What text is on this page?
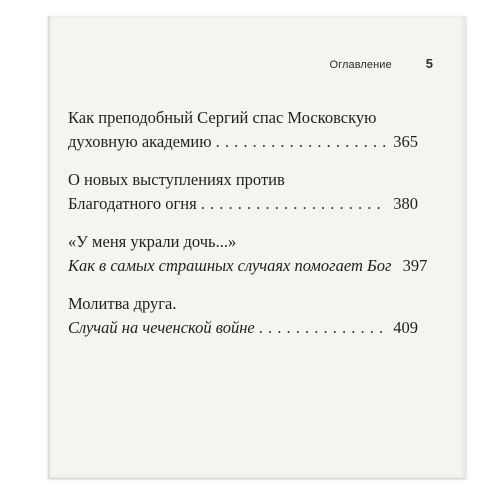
Оглавление	5
Как преподобный Сергий спас Московскую
духовную академию . . .	365
О новых выступлениях против
Благодатного огня . . .	380
«У меня украли дочь...»
Как в самых страшных случаях помогает Бог 397
Молитва друга.
Случай на чеченской войне . . .	409
